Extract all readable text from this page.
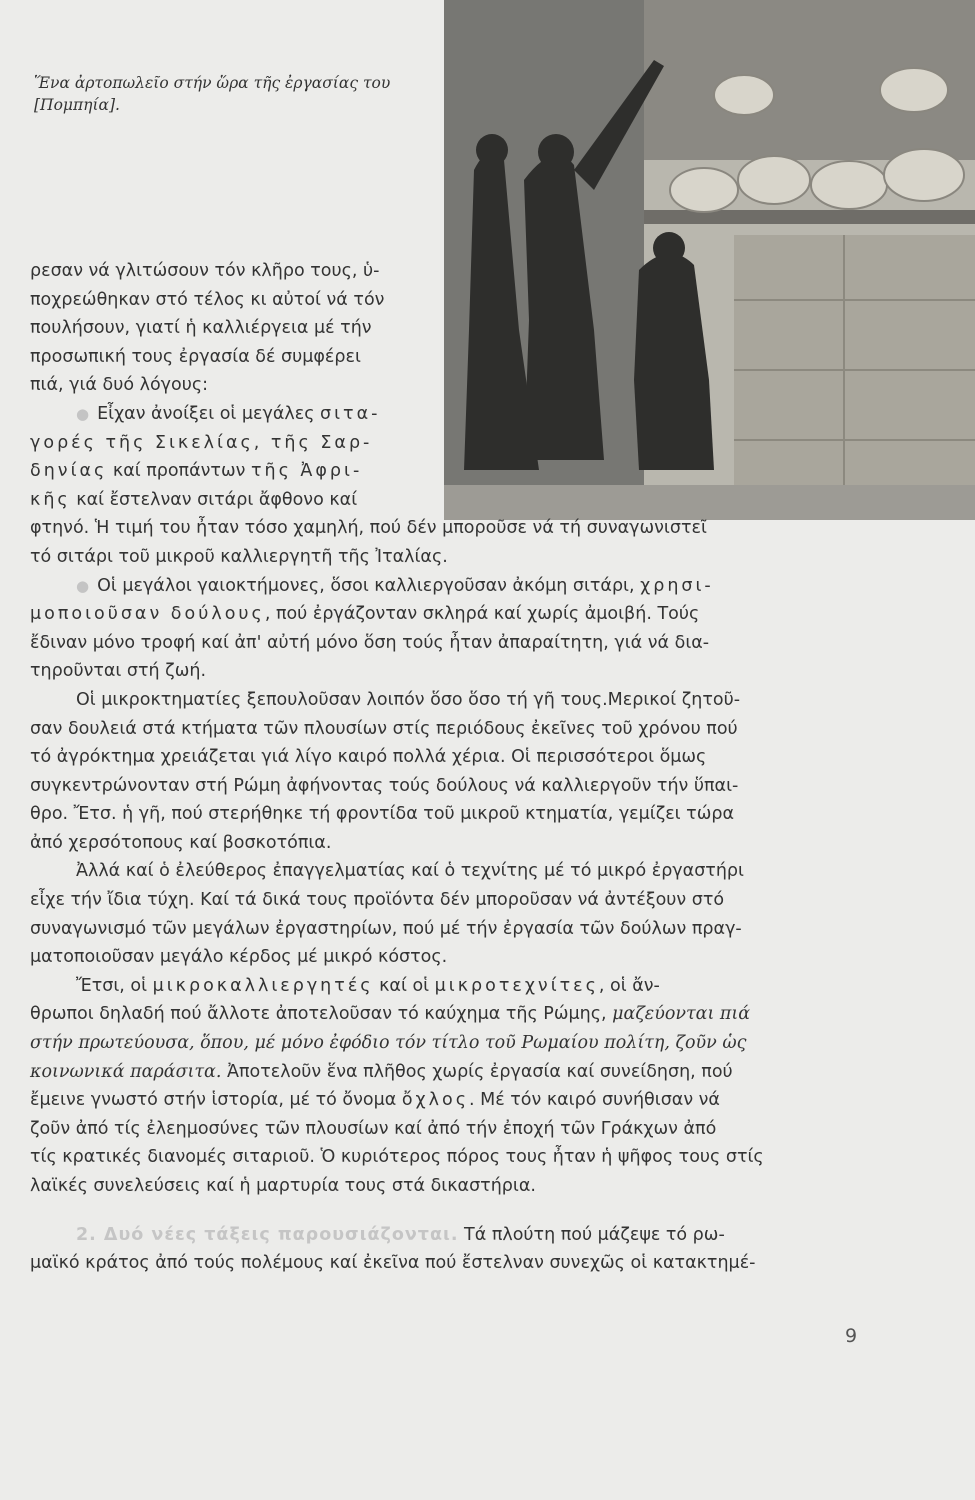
Ἕνα ἀρτοπωλεῖο στήν ὥρα τῆς ἐργασίας του
[Πομπηία].
ρεσαν νά γλιτώσουν τόν κλῆρο τους, ὑ-
ποχρεώθηκαν στό τέλος κι αὐτοί νά τόν
πουλήσουν, γιατί ἡ καλλιέργεια μέ τήν
προσωπική τους ἐργασία δέ συμφέρει
πιά, γιά δυό λόγους:
● Εἶχαν ἀνοίξει οἱ μεγάλες σιτα-
γορές τῆς Σικελίας, τῆς Σαρ-
δηνίας καί προπάντων τῆς Ἀφρι-
κῆς καί ἔστελναν σιτάρι ἄφθονο καί
φτηνό. Ἡ τιμή του ἦταν τόσο χαμηλή, πού δέν μποροῦσε νά τή συναγωνιστεῖ
τό σιτάρι τοῦ μικροῦ καλλιεργητῆ τῆς Ἰταλίας.
● Οἱ μεγάλοι γαιοκτήμονες, ὅσοι καλλιεργοῦσαν ἀκόμη σιτάρι, χρησι-
μοποιοῦσαν δούλους, πού ἐργάζονταν σκληρά καί χωρίς ἀμοιβή. Τούς
ἔδιναν μόνο τροφή καί ἀπ' αὐτή μόνο ὅση τούς ἦταν ἀπαραίτητη, γιά νά δια-
τηροῦνται στή ζωή.
Οἱ μικροκτηματίες ξεπουλοῦσαν λοιπόν ὅσο ὅσο τή γῆ τους.Μερικοί ζητοῦ-
σαν δουλειά στά κτήματα τῶν πλουσίων στίς περιόδους ἐκεῖνες τοῦ χρόνου πού
τό ἀγρόκτημα χρειάζεται γιά λίγο καιρό πολλά χέρια. Οἱ περισσότεροι ὅμως
συγκεντρώνονταν στή Ρώμη ἀφήνοντας τούς δούλους νά καλλιεργοῦν τήν ὕπαι-
θρο. Ἔτσ. ἡ γῆ, πού στερήθηκε τή φροντίδα τοῦ μικροῦ κτηματία, γεμίζει τώρα
ἀπό χερσότοπους καί βοσκοτόπια.
Ἀλλά καί ὁ ἐλεύθερος ἐπαγγελματίας καί ὁ τεχνίτης μέ τό μικρό ἐργαστήρι
εἶχε τήν ἴδια τύχη. Καί τά δικά τους προϊόντα δέν μποροῦσαν νά ἀντέξουν στό
συναγωνισμό τῶν μεγάλων ἐργαστηρίων, πού μέ τήν ἐργασία τῶν δούλων πραγ-
ματοποιοῦσαν μεγάλο κέρδος μέ μικρό κόστος.
Ἔτσι, οἱ μικροκαλλιεργητές καί οἱ μικροτεχνίτες, οἱ ἄν-
θρωποι δηλαδή πού ἄλλοτε ἀποτελοῦσαν τό καύχημα τῆς Ρώμης, μαζεύονται πιά
στήν πρωτεύουσα, ὅπου, μέ μόνο ἐφόδιο τόν τίτλο τοῦ Ρωμαίου πολίτη, ζοῦν ὡς
κοινωνικά παράσιτα. Ἀποτελοῦν ἕνα πλῆθος χωρίς ἐργασία καί συνείδηση, πού
ἔμεινε γνωστό στήν ἱστορία, μέ τό ὄνομα ὄχλος. Μέ τόν καιρό συνήθισαν νά
ζοῦν ἀπό τίς ἐλεημοσύνες τῶν πλουσίων καί ἀπό τήν ἐποχή τῶν Γράκχων ἀπό
τίς κρατικές διανομές σιταριοῦ. Ὁ κυριότερος πόρος τους ἦταν ἡ ψῆφος τους στίς
λαϊκές συνελεύσεις καί ἡ μαρτυρία τους στά δικαστήρια.
2. Δυό νέες τάξεις παρουσιάζονται. Τά πλούτη πού μάζεψε τό ρω-
μαϊκό κράτος ἀπό τούς πολέμους καί ἐκεῖνα πού ἔστελναν συνεχῶς οἱ κατακτημέ-
9
